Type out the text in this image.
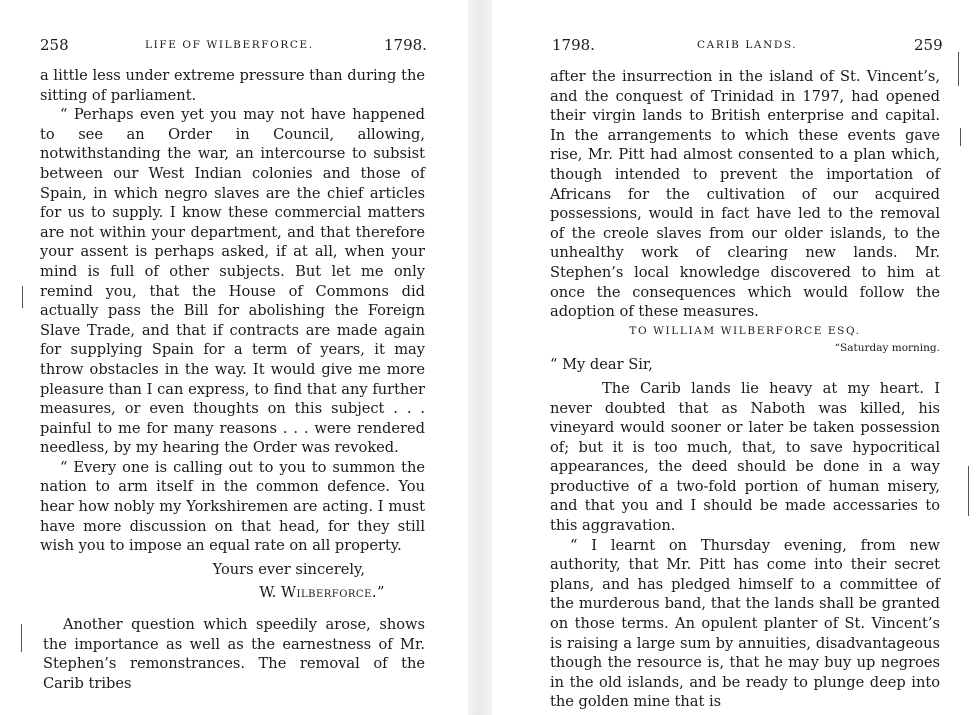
258	LIFE OF WILBERFORCE.	1798.

a little less under extreme pressure than during the sitting of parliament.

“ Perhaps even yet you may not have happened to see an Order in Council, allowing, notwithstanding the war, an intercourse to subsist between our West Indian colonies and those of Spain, in which negro slaves are the chief articles for us to supply. I know these commercial matters are not within your department, and that therefore your assent is perhaps asked, if at all, when your mind is full of other subjects. But let me only remind you, that the House of Commons did actually pass the Bill for abolishing the Foreign Slave Trade, and that if contracts are made again for supplying Spain for a term of years, it may throw obstacles in the way. It would give me more pleasure than I can express, to find that any further measures, or even thoughts on this subject . . . painful to me for many reasons . . . were rendered needless, by my hearing the Order was revoked.

“ Every one is calling out to you to summon the nation to arm itself in the common defence. You hear how nobly my Yorkshiremen are acting. I must have more discussion on that head, for they still wish you to impose an equal rate on all property.

Yours ever sincerely,

W. Wilberforce.”

Another question which speedily arose, shows the importance as well as the earnestness of Mr. Stephen’s remonstrances. The removal of the Carib tribes

1798.	CARIB LANDS.	259

after the insurrection in the island of St. Vincent’s, and the conquest of Trinidad in 1797, had opened their virgin lands to British enterprise and capital. In the arrangements to which these events gave rise, Mr. Pitt had almost consented to a plan which, though intended to prevent the importation of Africans for the cultivation of our acquired possessions, would in fact have led to the removal of the creole slaves from our older islands, to the unhealthy work of clearing new lands. Mr. Stephen’s local knowledge discovered to him at once the consequences which would follow the adoption of these measures.

TO WILLIAM WILBERFORCE ESQ.

“Saturday morning.

“ My dear Sir,

The Carib lands lie heavy at my heart. I never doubted that as Naboth was killed, his vineyard would sooner or later be taken possession of; but it is too much, that, to save hypocritical appearances, the deed should be done in a way productive of a two-fold portion of human misery, and that you and I should be made accessaries to this aggravation.

“ I learnt on Thursday evening, from new authority, that Mr. Pitt has come into their secret plans, and has pledged himself to a committee of the murderous band, that the lands shall be granted on those terms. An opulent planter of St. Vincent’s is raising a large sum by annuities, disadvantageous though the resource is, that he may buy up negroes in the old islands, and be ready to plunge deep into the golden mine that is
